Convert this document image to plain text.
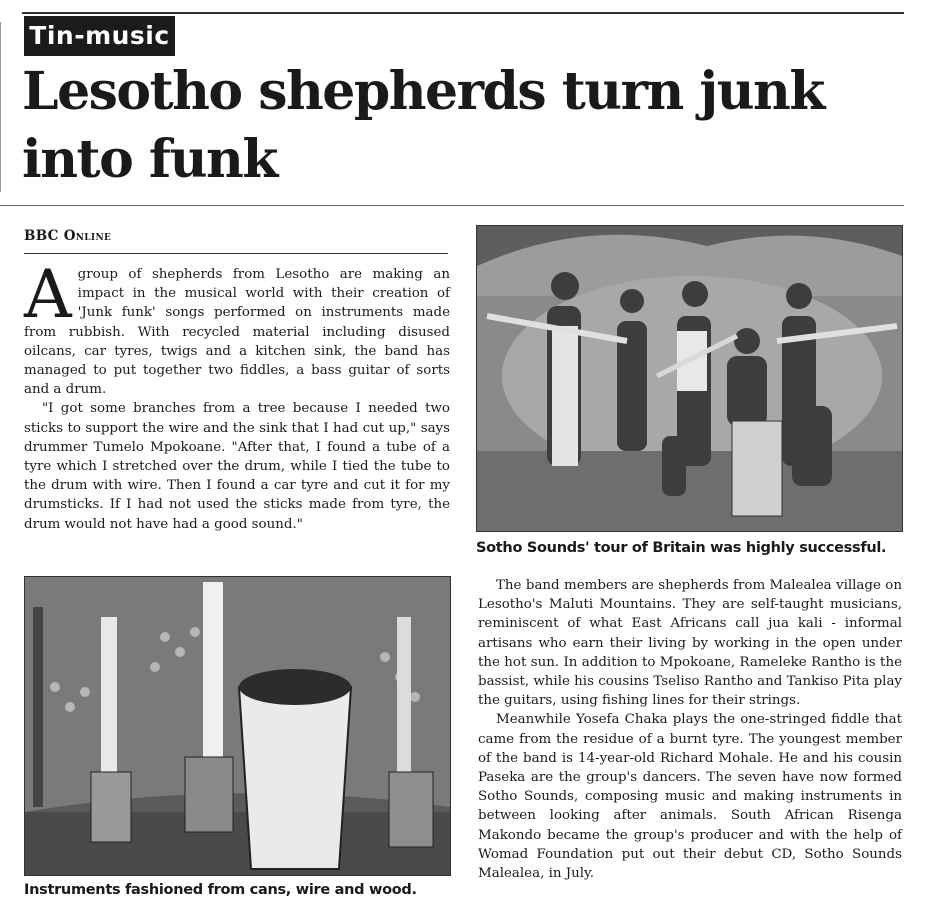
Tin-music
Lesotho shepherds turn junk into funk
BBC Online

Agroup of shepherds from Lesotho are making an impact in the musical world with their creation of 'Junk funk' songs performed on instruments made from rubbish. With recycled material including disused oilcans, car tyres, twigs and a kitchen sink, the band has managed to put together two fiddles, a bass guitar of sorts and a drum.

"I got some branches from a tree because I needed two sticks to support the wire and the sink that I had cut up," says drummer Tumelo Mpokoane. "After that, I found a tube of a tyre which I stretched over the drum, while I tied the tube to the drum with wire. Then I found a car tyre and cut it for my drumsticks. If I had not used the sticks made from tyre, the drum would not have had a good sound."

Sotho Sounds' tour of Britain was highly successful.

Instruments fashioned from cans, wire and wood.

The band members are shepherds from Malealea village on Lesotho's Maluti Mountains. They are self-taught musicians, reminiscent of what East Africans call jua kali - informal artisans who earn their living by working in the open under the hot sun. In addition to Mpokoane, Rameleke Rantho is the bassist, while his cousins Tseliso Rantho and Tankiso Pita play the guitars, using fishing lines for their strings.

Meanwhile Yosefa Chaka plays the one-stringed fiddle that came from the residue of a burnt tyre. The youngest member of the band is 14-year-old Richard Mohale. He and his cousin Paseka are the group's dancers. The seven have now formed Sotho Sounds, composing music and making instruments in between looking after animals. South African Risenga Makondo became the group's producer and with the help of Womad Foundation put out their debut CD, Sotho Sounds Malealea, in July.
